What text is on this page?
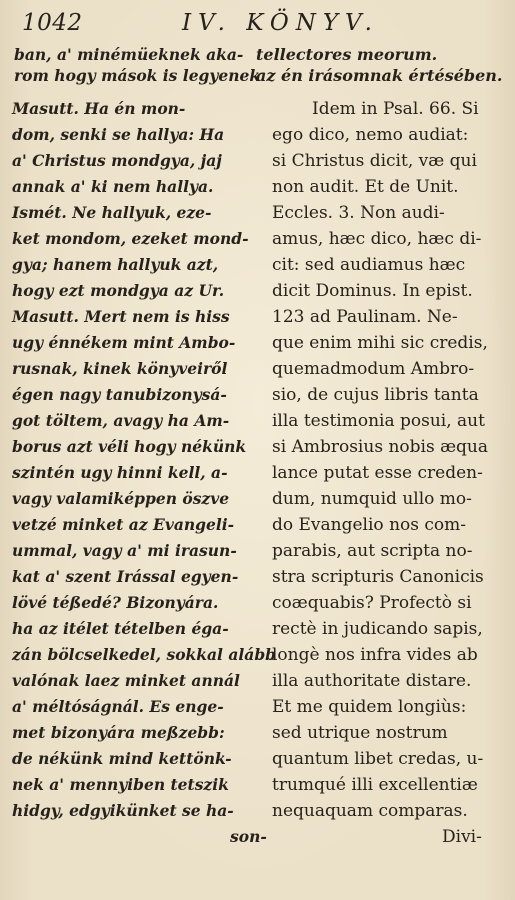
1042	IV. KÖNYV.
ban, a' minémüeknek aka- tellectores meorum.
rom hogy mások is legyenekaz én irásomnak értésében.
Masutt. Ha én mon-
dom, senki se hallya: Ha
a' Christus mondgya, jaj
annak a' ki nem hallya.
Ismét. Ne hallyuk, eze-
ket mondom, ezeket mond-
gya; hanem hallyuk azt,
hogy ezt mondgya az Ur.
Masutt. Mert nem is hiss
ugy énnékem mint Ambo-
rusnak, kinek könyveiről
égen nagy tanubizonysá-
got töltem, avagy ha Am-
borus azt véli hogy nékünk
szintén ugy hinni kell, a-
vagy valamiképpen öszve
vetzé minket az Evangeli-
ummal, vagy a' mi irasun-
kat a' szent Irással egyen-
lövé téßedé? Bizonyára.
ha az itélet tételben éga-
zán bölcselkedel, sokkal alább
valónak laez minket annál
a' méltóságnál. Es enge-
met bizonyára meßzebb:
de nékünk mind kettönk-
nek a' mennyiben tetszik
hidgy, edgyikünket se ha-
son-
Idem in Psal. 66. Si
ego dico, nemo audiat:
si Christus dicit, væ qui
non audit. Et de Unit.
Eccles. 3. Non audi-
amus, hæc dico, hæc di-
cit: sed audiamus hæc
dicit Dominus. In epist.
123 ad Paulinam. Ne-
que enim mihi sic credis,
quemadmodum Ambro-
sio, de cujus libris tanta
illa testimonia posui, aut
si Ambrosius nobis æqua
lance putat esse creden-
dum, numquid ullo mo-
do Evangelio nos com-
parabis, aut scripta no-
stra scripturis Canonicis
coæquabis? Profectò si
rectè in judicando sapis,
longè nos infra vides ab
illa authoritate distare.
Et me quidem longiùs:
sed utrique nostrum
quantum libet credas, u-
trumqué illi excellentiæ
nequaquam comparas.
Divi-
